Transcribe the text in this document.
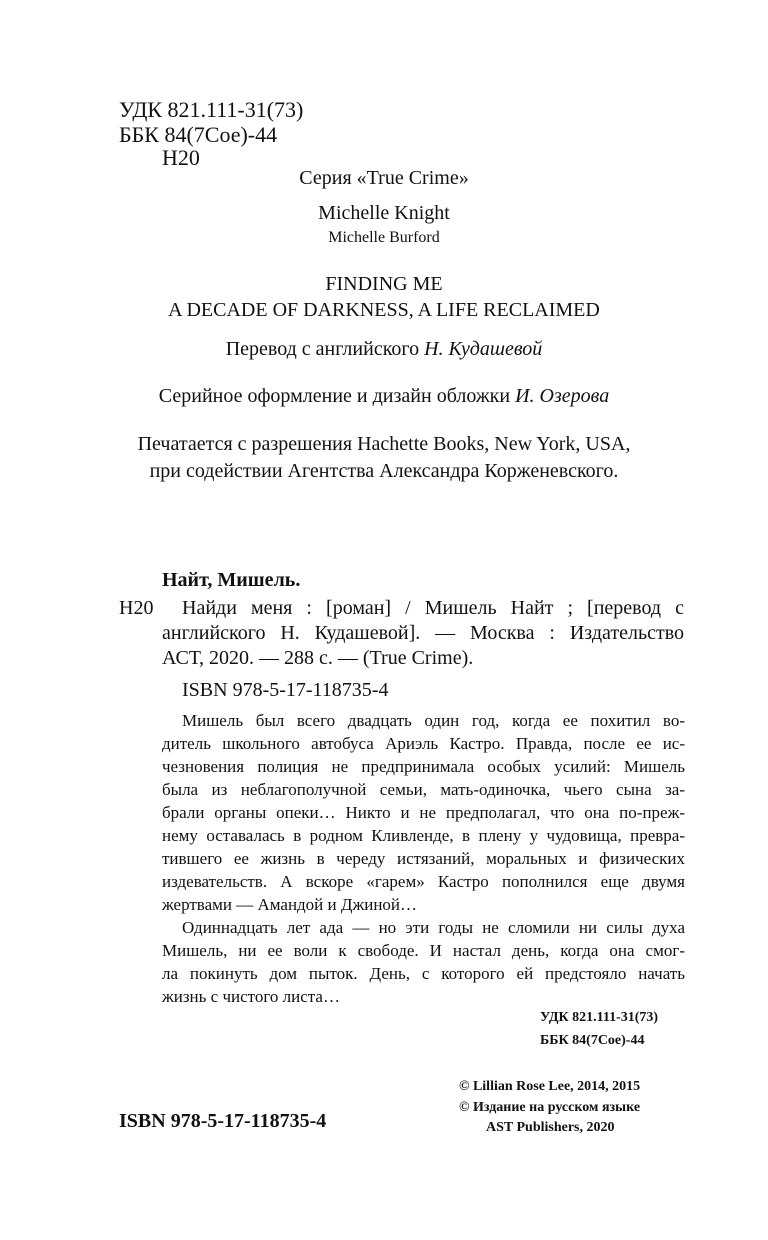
УДК 821.111-31(73)
ББК 84(7Сое)-44
Н20
Серия «True Crime»
Michelle Knight
Michelle Burford
FINDING ME
A DECADE OF DARKNESS, A LIFE RECLAIMED
Перевод с английского Н. Кудашевой
Серийное оформление и дизайн обложки И. Озерова
Печатается с разрешения Hachette Books, New York, USA,
при содействии Агентства Александра Корженевского.
Найт, Мишель.
Н20 Найди меня : [роман] / Мишель Найт ; [перевод с
английского Н. Кудашевой]. — Москва : Издательство
АСТ, 2020. — 288 с. — (True Crime).
ISBN 978-5-17-118735-4
Мишель был всего двадцать один год, когда ее похитил во-
дитель школьного автобуса Ариэль Кастро. Правда, после ее ис-
чезновения полиция не предпринимала особых усилий: Мишель
была из неблагополучной семьи, мать-одиночка, чьего сына за-
брали органы опеки… Никто и не предполагал, что она по-преж-
нему оставалась в родном Кливленде, в плену у чудовища, превра-
тившего ее жизнь в череду истязаний, моральных и физических
издевательств. А вскоре «гарем» Кастро пополнился еще двумя
жертвами — Амандой и Джиной…
Одиннадцать лет ада — но эти годы не сломили ни силы духа
Мишель, ни ее воли к свободе. И настал день, когда она смог-
ла покинуть дом пыток. День, с которого ей предстояло начать
жизнь с чистого листа…
УДК 821.111-31(73)
ББК 84(7Сое)-44
© Lillian Rose Lee, 2014, 2015
© Издание на русском языке
AST Publishers, 2020
ISBN 978-5-17-118735-4
